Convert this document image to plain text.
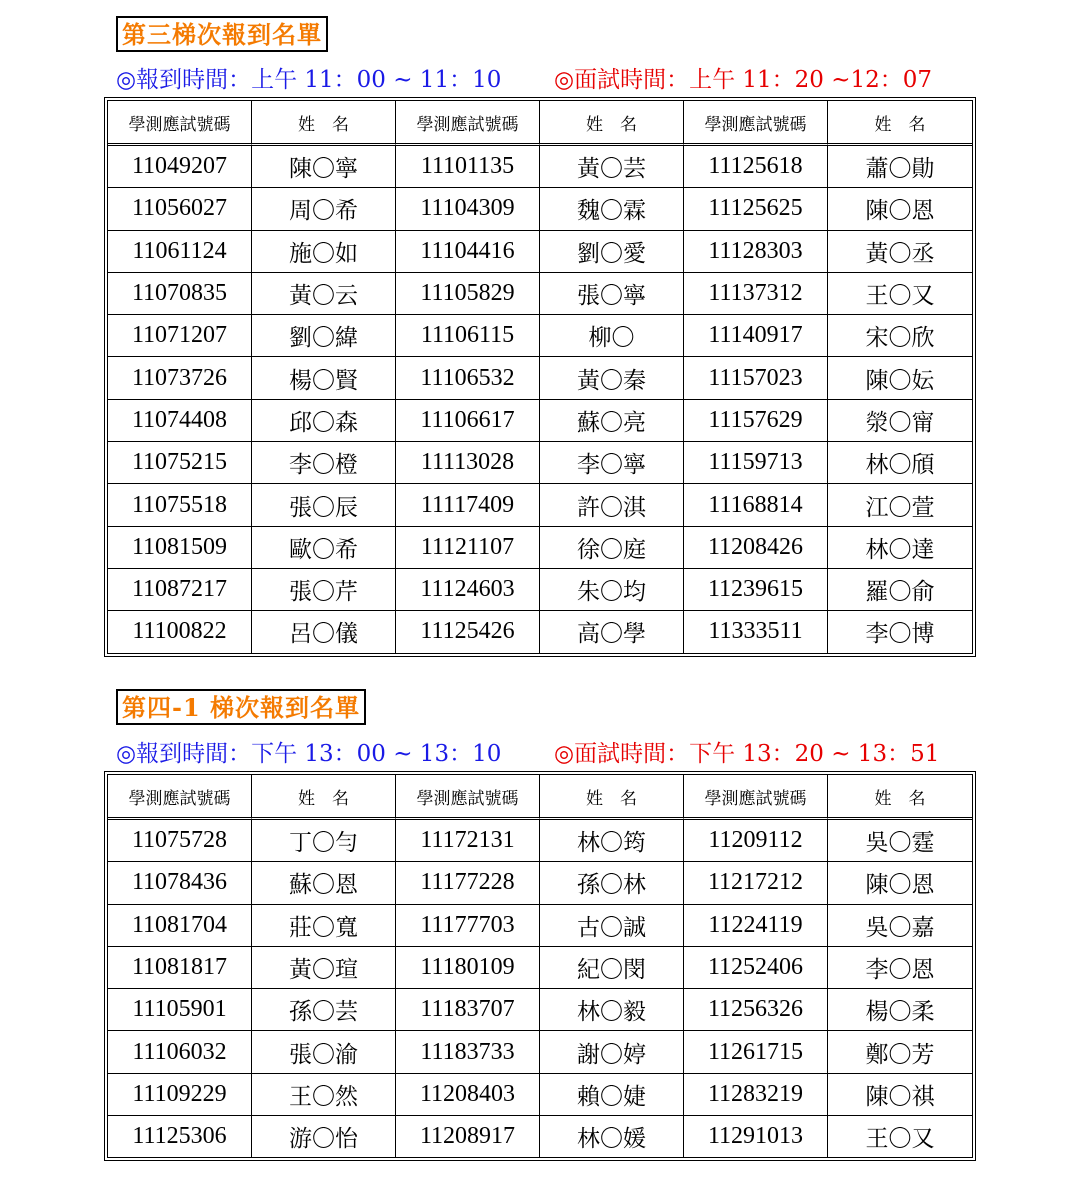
第三梯次報到名單
◎報到時間：上午 11：00 ~ 11：10 ◎面試時間：上午 11：20 ~12：07
學測應試號碼	姓　名	學測應試號碼	姓　名	學測應試號碼	姓　名
11049207	陳〇寧	11101135	黃〇芸	11125618	蕭〇勛
11056027	周〇希	11104309	魏〇霖	11125625	陳〇恩
11061124	施〇如	11104416	劉〇愛	11128303	黃〇丞
11070835	黃〇云	11105829	張〇寧	11137312	王〇又
11071207	劉〇緯	11106115	柳〇	11140917	宋〇欣
11073726	楊〇賢	11106532	黃〇秦	11157023	陳〇妘
11074408	邱〇森	11106617	蘇〇亮	11157629	滎〇甯
11075215	李〇橙	11113028	李〇寧	11159713	林〇頎
11075518	張〇辰	11117409	許〇淇	11168814	江〇萱
11081509	歐〇希	11121107	徐〇庭	11208426	林〇達
11087217	張〇芹	11124603	朱〇均	11239615	羅〇俞
11100822	呂〇儀	11125426	高〇學	11333511	李〇博
第四-1 梯次報到名單
◎報到時間：下午 13：00 ~ 13：10 ◎面試時間：下午 13：20 ~ 13：51
學測應試號碼	姓　名	學測應試號碼	姓　名	學測應試號碼	姓　名
11075728	丁〇勻	11172131	林〇筠	11209112	吳〇霆
11078436	蘇〇恩	11177228	孫〇林	11217212	陳〇恩
11081704	莊〇寬	11177703	古〇誠	11224119	吳〇嘉
11081817	黃〇瑄	11180109	紀〇閔	11252406	李〇恩
11105901	孫〇芸	11183707	林〇毅	11256326	楊〇柔
11106032	張〇渝	11183733	謝〇婷	11261715	鄭〇芳
11109229	王〇然	11208403	賴〇婕	11283219	陳〇祺
11125306	游〇怡	11208917	林〇媛	11291013	王〇又
